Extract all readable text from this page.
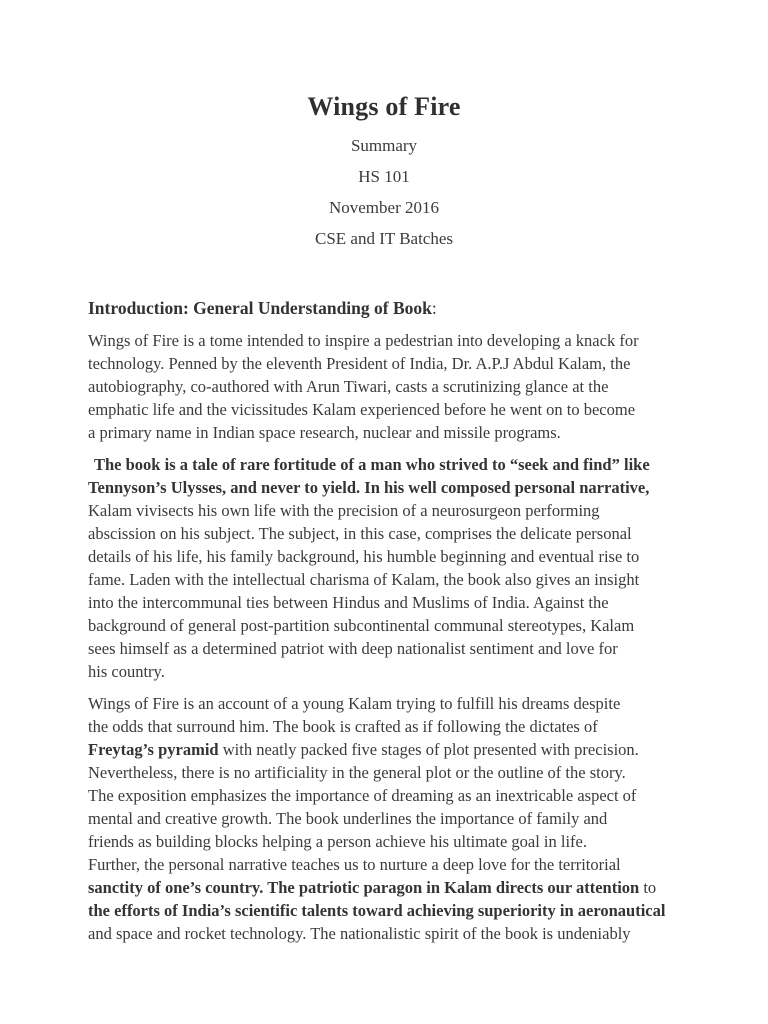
Wings of Fire
Summary
HS 101
November 2016
CSE and IT Batches
Introduction: General Understanding of Book:
Wings of Fire is a tome intended to inspire a pedestrian into developing a knack for
technology. Penned by the eleventh President of India, Dr. A.P.J Abdul Kalam, the
autobiography, co-authored with Arun Tiwari, casts a scrutinizing glance at the
emphatic life and the vicissitudes Kalam experienced before he went on to become
a primary name in Indian space research, nuclear and missile programs.
The book is a tale of rare fortitude of a man who strived to “seek and find” like
Tennyson’s Ulysses, and never to yield. In his well composed personal narrative,
Kalam vivisects his own life with the precision of a neurosurgeon performing
abscission on his subject. The subject, in this case, comprises the delicate personal
details of his life, his family background, his humble beginning and eventual rise to
fame. Laden with the intellectual charisma of Kalam, the book also gives an insight
into the intercommunal ties between Hindus and Muslims of India. Against the
background of general post-partition subcontinental communal stereotypes, Kalam
sees himself as a determined patriot with deep nationalist sentiment and love for
his country.
Wings of Fire is an account of a young Kalam trying to fulfill his dreams despite
the odds that surround him. The book is crafted as if following the dictates of
Freytag’s pyramid with neatly packed five stages of plot presented with precision.
Nevertheless, there is no artificiality in the general plot or the outline of the story.
The exposition emphasizes the importance of dreaming as an inextricable aspect of
mental and creative growth. The book underlines the importance of family and
friends as building blocks helping a person achieve his ultimate goal in life.
Further, the personal narrative teaches us to nurture a deep love for the territorial
sanctity of one’s country. The patriotic paragon in Kalam directs our attention to
the efforts of India’s scientific talents toward achieving superiority in aeronautical
and space and rocket technology. The nationalistic spirit of the book is undeniably
